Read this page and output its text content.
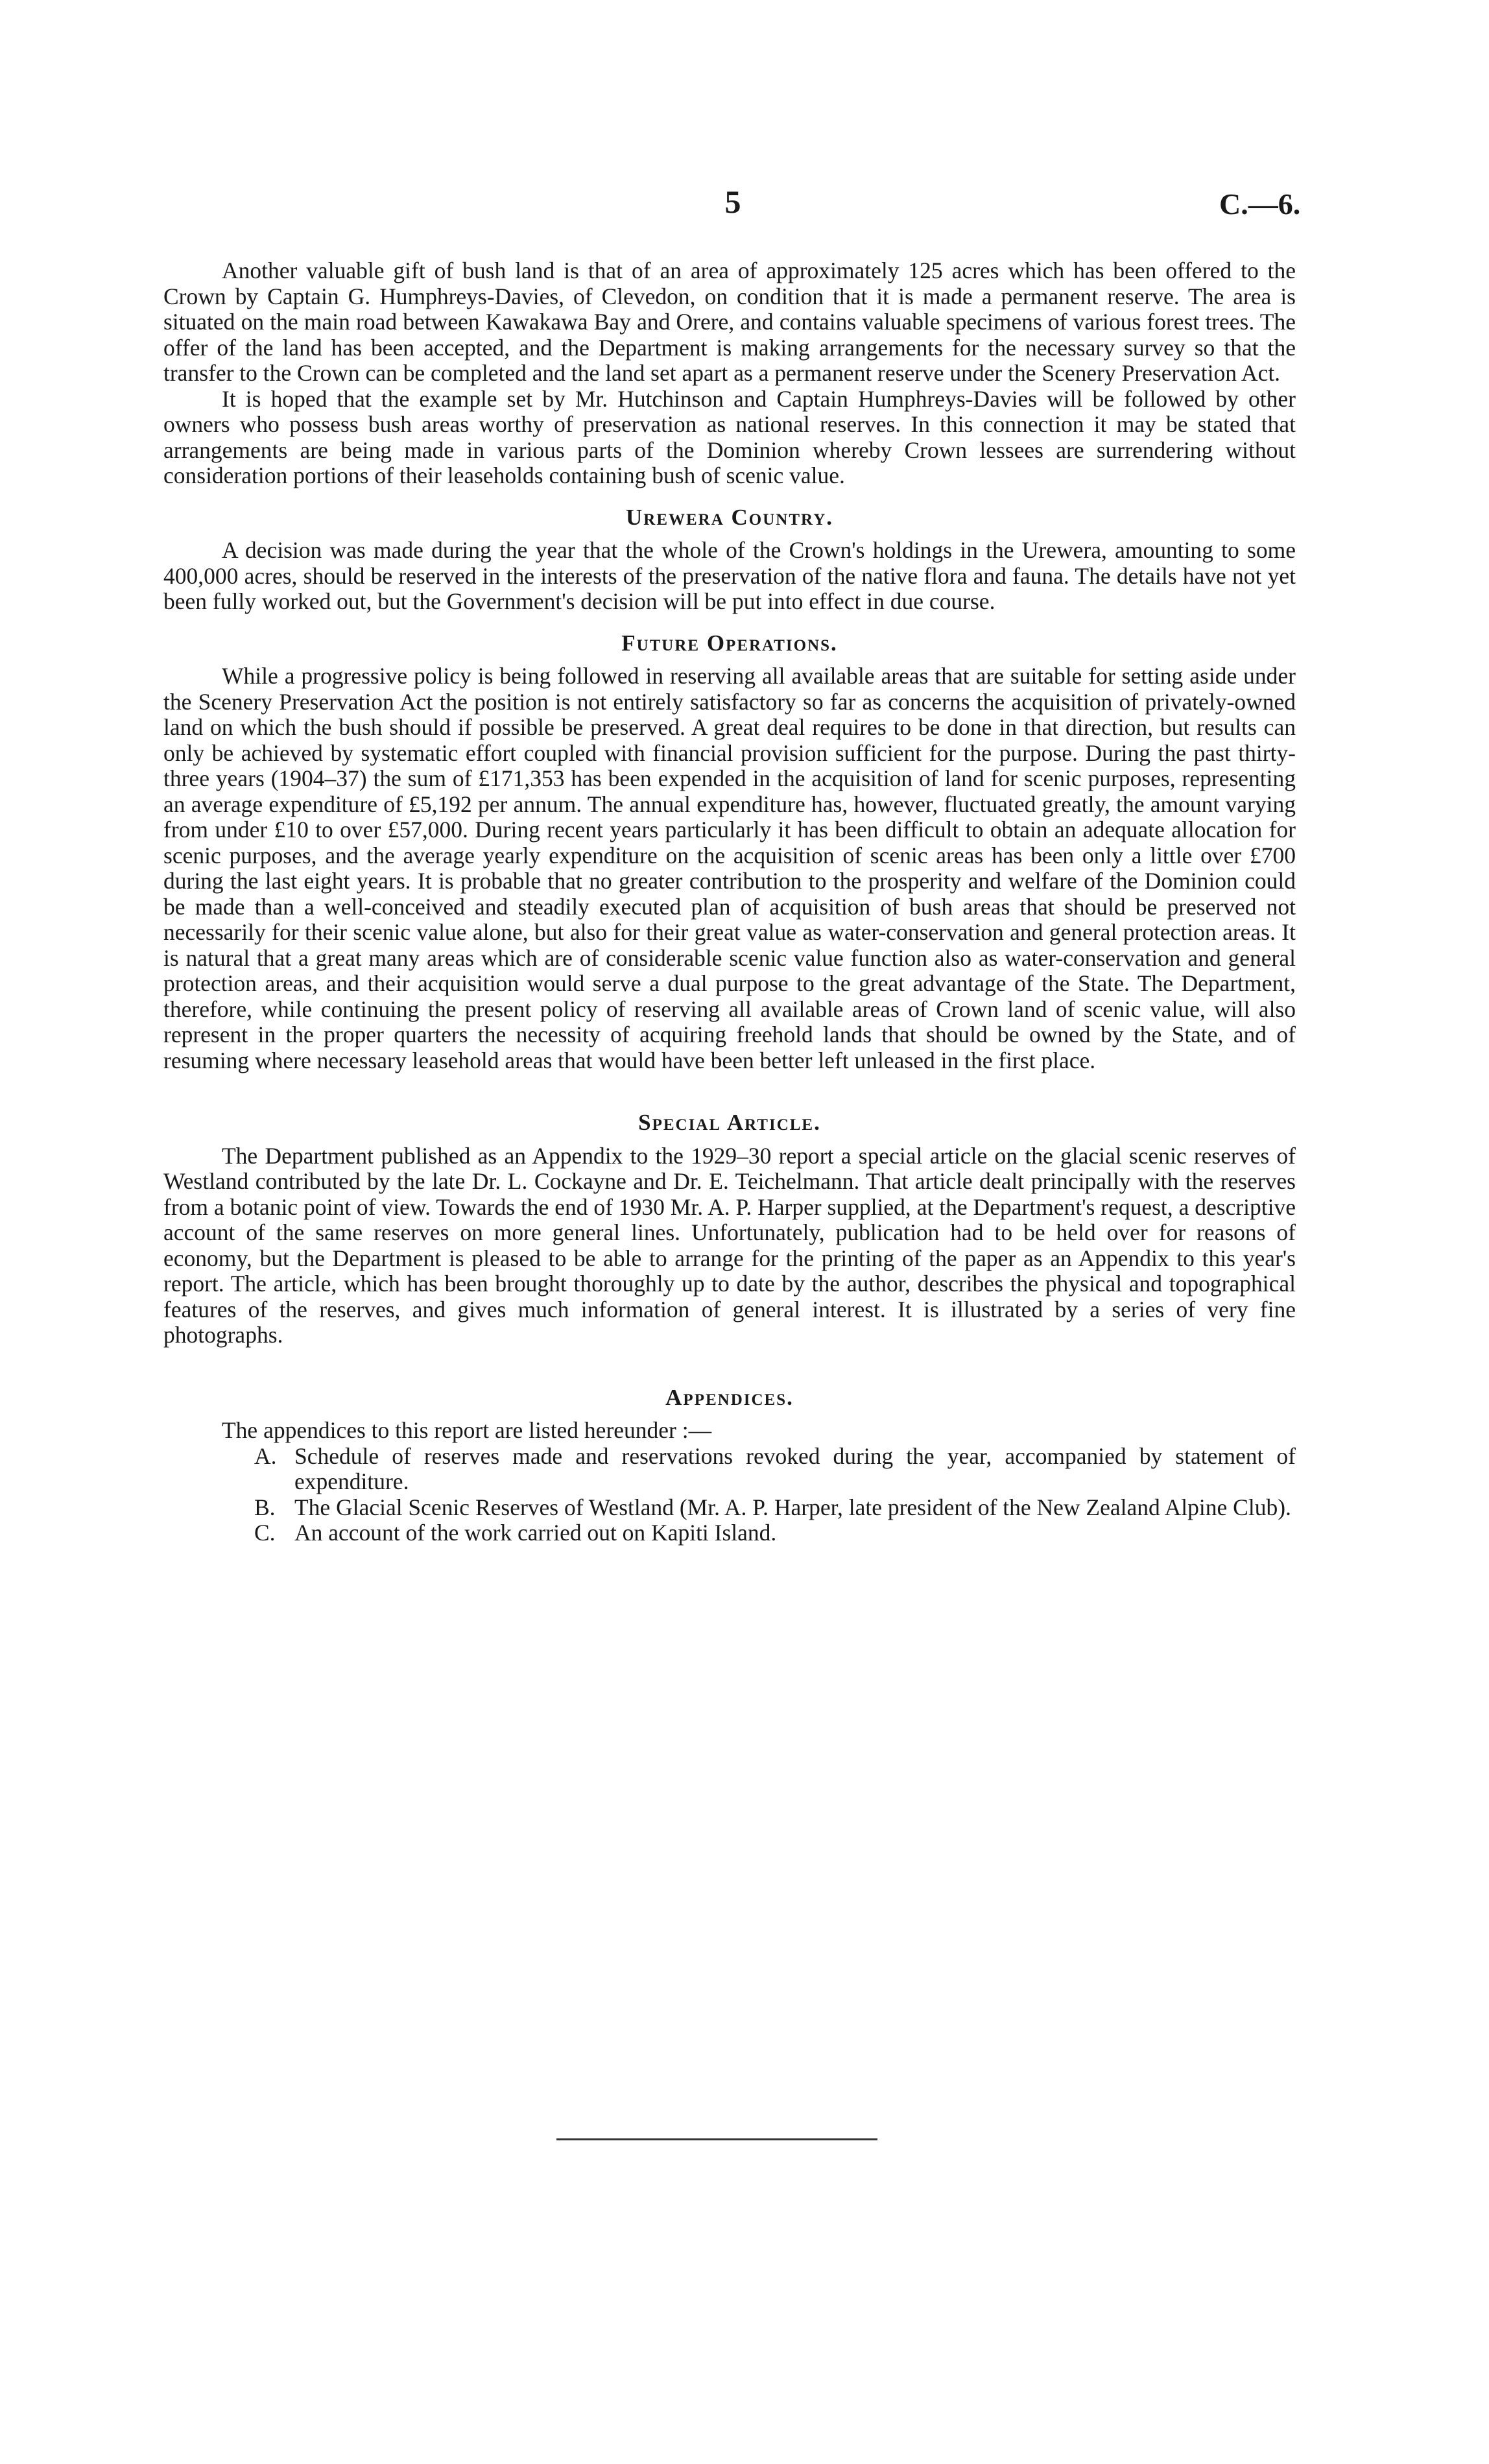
5	C.—6.

Another valuable gift of bush land is that of an area of approximately 125 acres which has been offered to the Crown by Captain G. Humphreys-Davies, of Clevedon, on condition that it is made a permanent reserve. The area is situated on the main road between Kawakawa Bay and Orere, and contains valuable specimens of various forest trees. The offer of the land has been accepted, and the Department is making arrangements for the necessary survey so that the transfer to the Crown can be completed and the land set apart as a permanent reserve under the Scenery Preservation Act.

It is hoped that the example set by Mr. Hutchinson and Captain Humphreys-Davies will be followed by other owners who possess bush areas worthy of preservation as national reserves. In this connection it may be stated that arrangements are being made in various parts of the Dominion whereby Crown lessees are surrendering without consideration portions of their leaseholds containing bush of scenic value.

Urewera Country.

A decision was made during the year that the whole of the Crown's holdings in the Urewera, amounting to some 400,000 acres, should be reserved in the interests of the preservation of the native flora and fauna. The details have not yet been fully worked out, but the Government's decision will be put into effect in due course.

Future Operations.

While a progressive policy is being followed in reserving all available areas that are suitable for setting aside under the Scenery Preservation Act the position is not entirely satisfactory so far as concerns the acquisition of privately-owned land on which the bush should if possible be preserved. A great deal requires to be done in that direction, but results can only be achieved by systematic effort coupled with financial provision sufficient for the purpose. During the past thirty-three years (1904–37) the sum of £171,353 has been expended in the acquisition of land for scenic purposes, representing an average expenditure of £5,192 per annum. The annual expenditure has, however, fluctuated greatly, the amount varying from under £10 to over £57,000. During recent years particularly it has been difficult to obtain an adequate allocation for scenic purposes, and the average yearly expenditure on the acquisition of scenic areas has been only a little over £700 during the last eight years. It is probable that no greater contribution to the prosperity and welfare of the Dominion could be made than a well-conceived and steadily executed plan of acquisition of bush areas that should be preserved not necessarily for their scenic value alone, but also for their great value as water-conservation and general protection areas. It is natural that a great many areas which are of considerable scenic value function also as water-conservation and general protection areas, and their acquisition would serve a dual purpose to the great advantage of the State. The Department, therefore, while continuing the present policy of reserving all available areas of Crown land of scenic value, will also represent in the proper quarters the necessity of acquiring freehold lands that should be owned by the State, and of resuming where necessary leasehold areas that would have been better left unleased in the first place.

Special Article.

The Department published as an Appendix to the 1929–30 report a special article on the glacial scenic reserves of Westland contributed by the late Dr. L. Cockayne and Dr. E. Teichelmann. That article dealt principally with the reserves from a botanic point of view. Towards the end of 1930 Mr. A. P. Harper supplied, at the Department's request, a descriptive account of the same reserves on more general lines. Unfortunately, publication had to be held over for reasons of economy, but the Department is pleased to be able to arrange for the printing of the paper as an Appendix to this year's report. The article, which has been brought thoroughly up to date by the author, describes the physical and topographical features of the reserves, and gives much information of general interest. It is illustrated by a series of very fine photographs.

Appendices.

The appendices to this report are listed hereunder :—

A. Schedule of reserves made and reservations revoked during the year, accompanied by statement of expenditure.
B. The Glacial Scenic Reserves of Westland (Mr. A. P. Harper, late president of the New Zealand Alpine Club).
C. An account of the work carried out on Kapiti Island.
